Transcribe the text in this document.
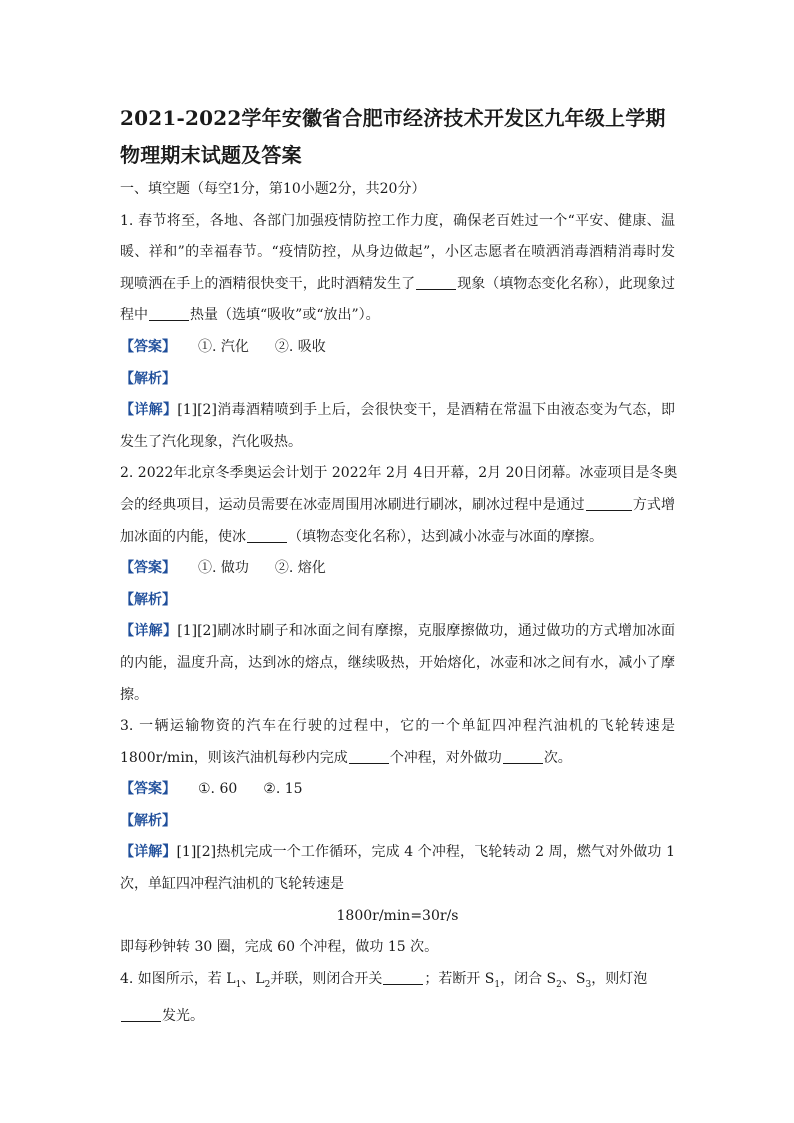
2021-2022学年安徽省合肥市经济技术开发区九年级上学期
物理期末试题及答案
一、填空题（每空1分，第10小题2分，共20分）
1. 春节将至，各地、各部门加强疫情防控工作力度，确保老百姓过一个“平安、健康、温
暖、祥和”的幸福春节。“疫情防控，从身边做起”，小区志愿者在喷洒消毒酒精消毒时发
现喷洒在手上的酒精很快变干，此时酒精发生了	现象（填物态变化名称），此现象过
程中	热量（选填“吸收”或“放出”）。
【答案】 ①. 汽化 ②. 吸收
【解析】
【详解】[1][2]消毒酒精喷到手上后，会很快变干，是酒精在常温下由液态变为气态，即
发生了汽化现象，汽化吸热。
2. 2022年北京冬季奥运会计划于 2022年 2月 4日开幕，2月 20日闭幕。冰壶项目是冬奥
会的经典项目，运动员需要在冰壶周围用冰刷进行刷冰，刷冰过程中是通过	方式增
加冰面的内能，使冰	（填物态变化名称），达到减小冰壶与冰面的摩擦。
【答案】 ①. 做功 ②. 熔化
【解析】
【详解】[1][2]刷冰时刷子和冰面之间有摩擦，克服摩擦做功，通过做功的方式增加冰面
的内能，温度升高，达到冰的熔点，继续吸热，开始熔化，冰壶和冰之间有水，减小了摩
擦。
3. 一辆运输物资的汽车在行驶的过程中，它的一个单缸四冲程汽油机的飞轮转速是
1800r/min，则该汽油机每秒内完成	个冲程，对外做功	次。
【答案】 ①. 60 ②. 15
【解析】
【详解】[1][2]热机完成一个工作循环，完成 4 个冲程，飞轮转动 2 周，燃气对外做功 1
次，单缸四冲程汽油机的飞轮转速是
1800r/min=30r/s
即每秒钟转 30 圈，完成 60 个冲程，做功 15 次。
4. 如图所示，若 $L_1$、$L_2$并联，则闭合开关	；若断开 $S_1$，闭合 $S_2$、$S_3$，则灯泡
发光。
